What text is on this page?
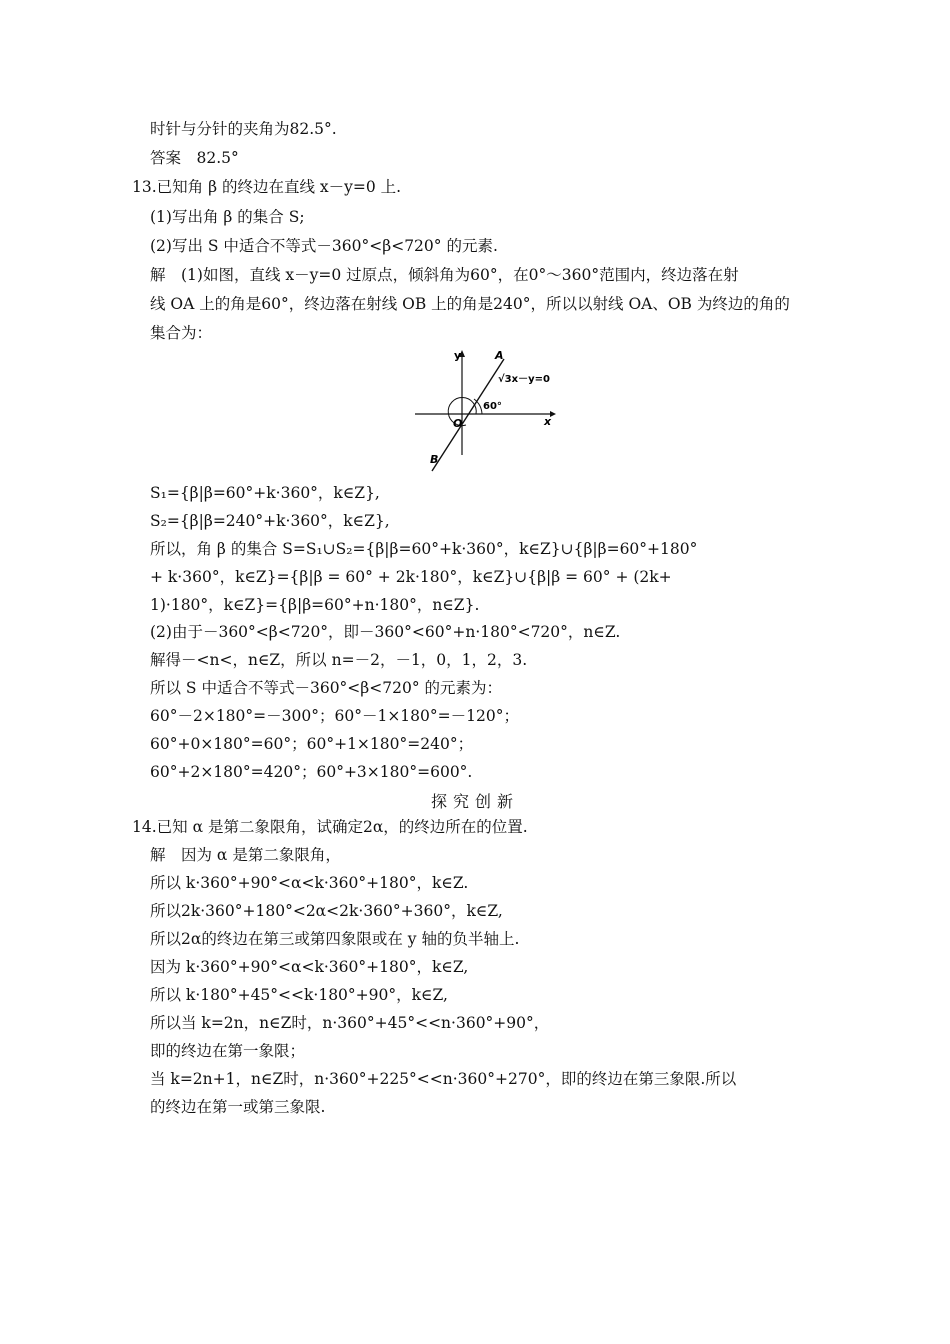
时针与分针的夹角为82.5°.
答案　82.5°
13.已知角 β 的终边在直线 x－y=0 上.
(1)写出角 β 的集合 S;
(2)写出 S 中适合不等式－360°<β<720° 的元素.
解　(1)如图，直线 x－y=0 过原点，倾斜角为60°，在0°～360°范围内，终边落在射
线 OA 上的角是60°，终边落在射线 OB 上的角是240°，所以以射线 OA、OB 为终边的角的
集合为：
y
x
A
B
O
√3x－y=0
60°
S₁={β|β=60°+k·360°，k∈Z},
S₂={β|β=240°+k·360°，k∈Z},
所以，角 β 的集合 S=S₁∪S₂={β|β=60°+k·360°，k∈Z}∪{β|β=60°+180°
+ k·360°，k∈Z}={β|β = 60° + 2k·180°，k∈Z}∪{β|β = 60° + (2k+
1)·180°，k∈Z}={β|β=60°+n·180°，n∈Z}.
(2)由于－360°<β<720°，即－360°<60°+n·180°<720°，n∈Z.
解得－<n<，n∈Z，所以 n=－2，－1，0，1，2，3.
所以 S 中适合不等式－360°<β<720° 的元素为：
60°－2×180°=－300°；60°－1×180°=－120°；
60°+0×180°=60°；60°+1×180°=240°；
60°+2×180°=420°；60°+3×180°=600°.
探究创新
14.已知 α 是第二象限角，试确定2α，的终边所在的位置.
解　因为 α 是第二象限角，
所以 k·360°+90°<α<k·360°+180°，k∈Z.
所以2k·360°+180°<2α<2k·360°+360°，k∈Z,
所以2α的终边在第三或第四象限或在 y 轴的负半轴上.
因为 k·360°+90°<α<k·360°+180°，k∈Z,
所以 k·180°+45°<<k·180°+90°，k∈Z,
所以当 k=2n，n∈Z时，n·360°+45°<<n·360°+90°，
即的终边在第一象限；
当 k=2n+1，n∈Z时，n·360°+225°<<n·360°+270°，即的终边在第三象限.所以
的终边在第一或第三象限.
